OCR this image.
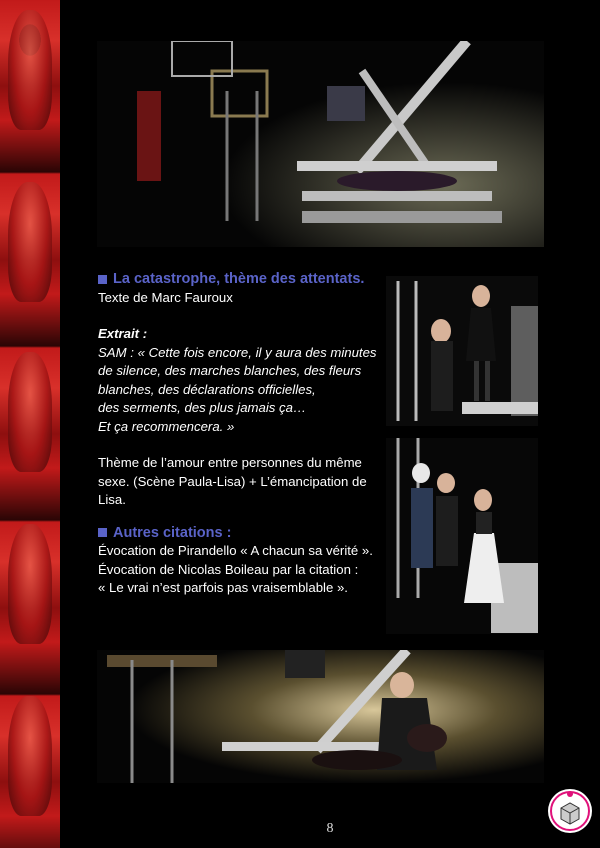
La catastrophe, thème des attentats.
Texte de Marc Fauroux
Extrait :
SAM : « Cette fois encore, il y aura des minutes
de silence, des marches blanches, des fleurs
blanches, des déclarations officielles,
des serments, des plus jamais ça…
Et ça recommencera. »
Thème de l’amour entre personnes du même
sexe. (Scène Paula-Lisa) + L’émancipation de
Lisa.
Autres citations :
Évocation de Pirandello « A chacun sa vérité ».
Évocation de Nicolas Boileau par la citation :
« Le vrai n’est parfois pas vraisemblable ».
8
